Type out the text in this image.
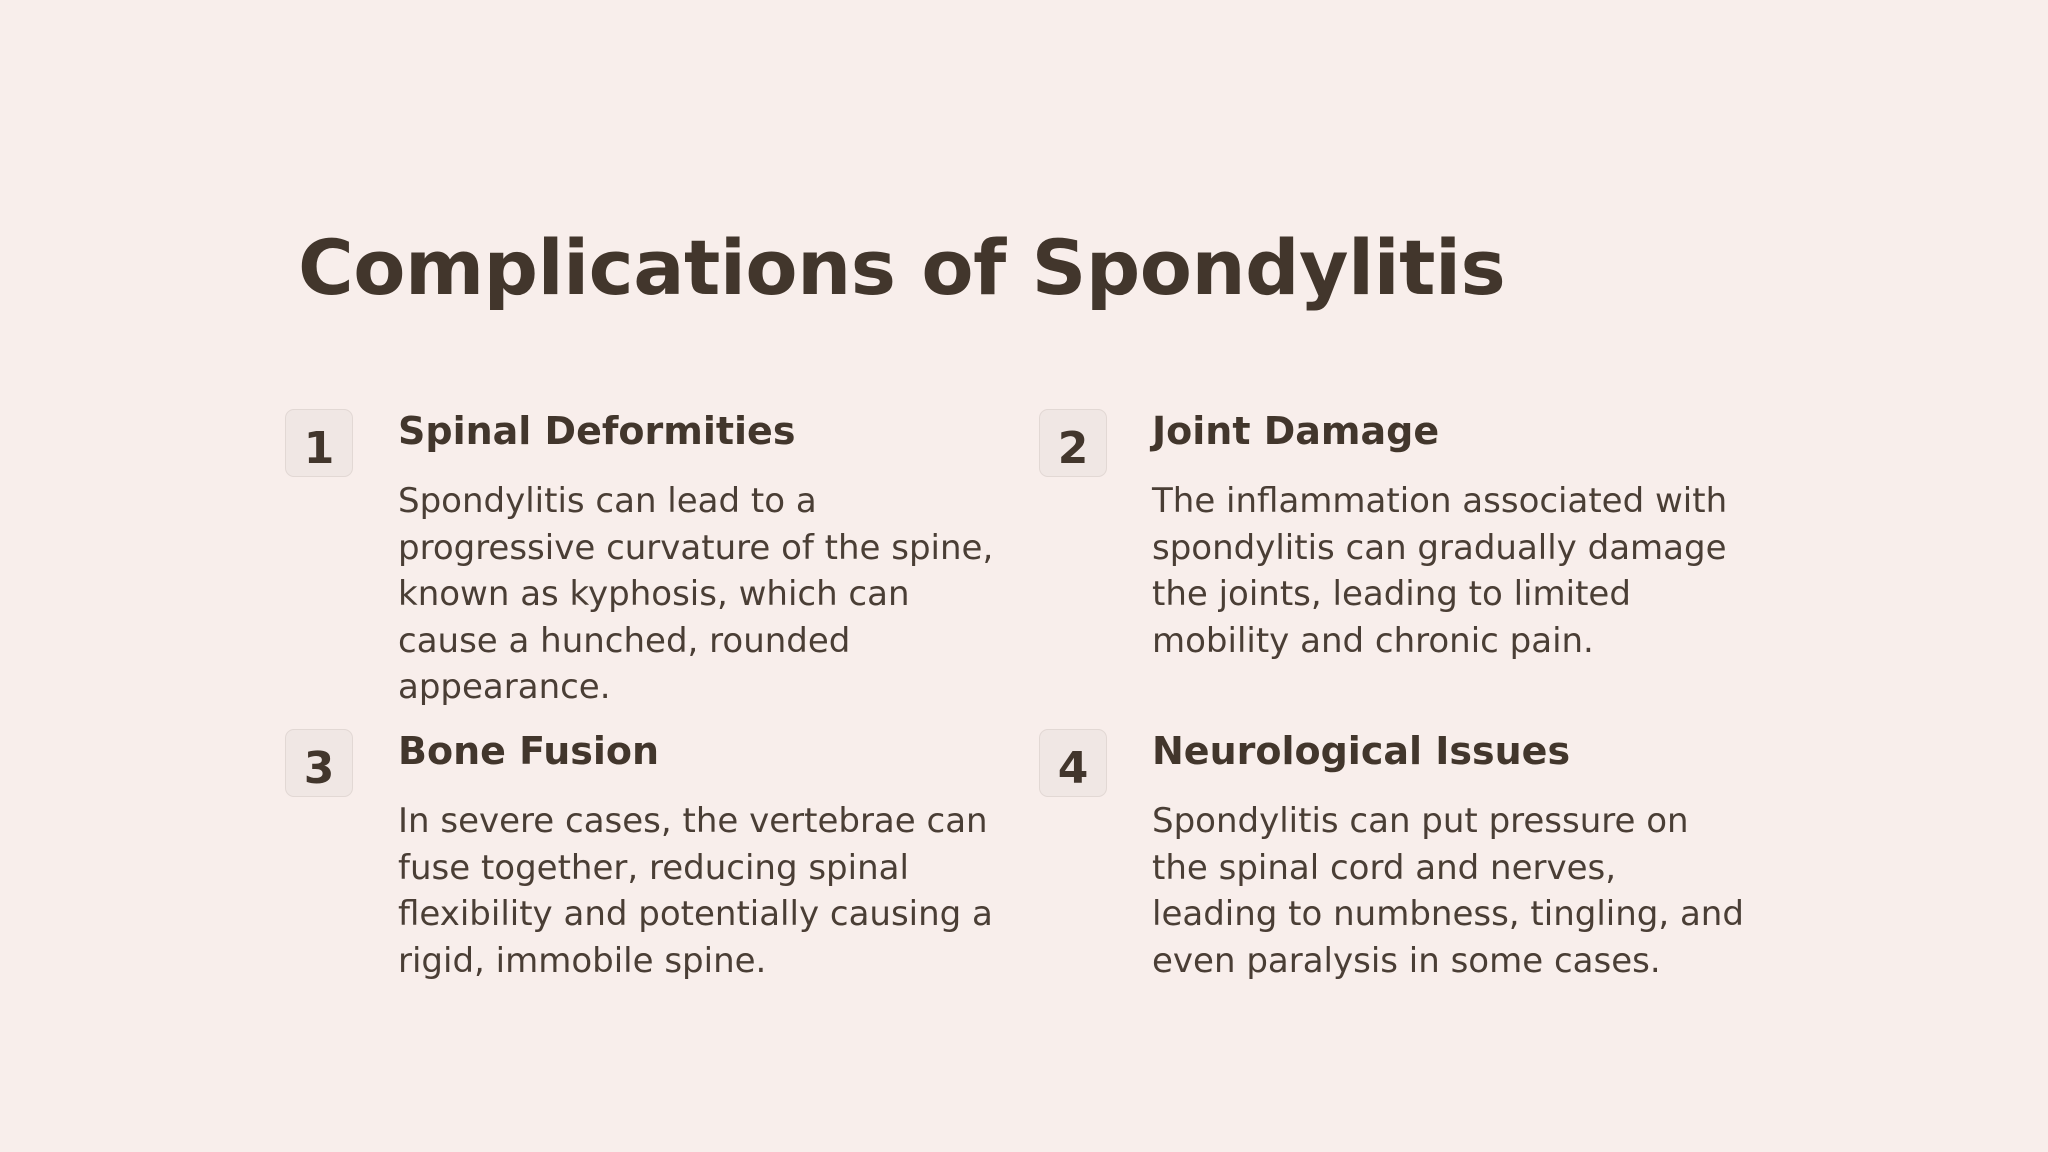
Complications of Spondylitis
1	Spinal Deformities

Spondylitis can lead to a progressive curvature of the spine, known as kyphosis, which can cause a hunched, rounded appearance.

2	Joint Damage

The inflammation associated with spondylitis can gradually damage the joints, leading to limited mobility and chronic pain.

3	Bone Fusion

In severe cases, the vertebrae can fuse together, reducing spinal flexibility and potentially causing a rigid, immobile spine.

4	Neurological Issues

Spondylitis can put pressure on the spinal cord and nerves, leading to numbness, tingling, and even paralysis in some cases.
